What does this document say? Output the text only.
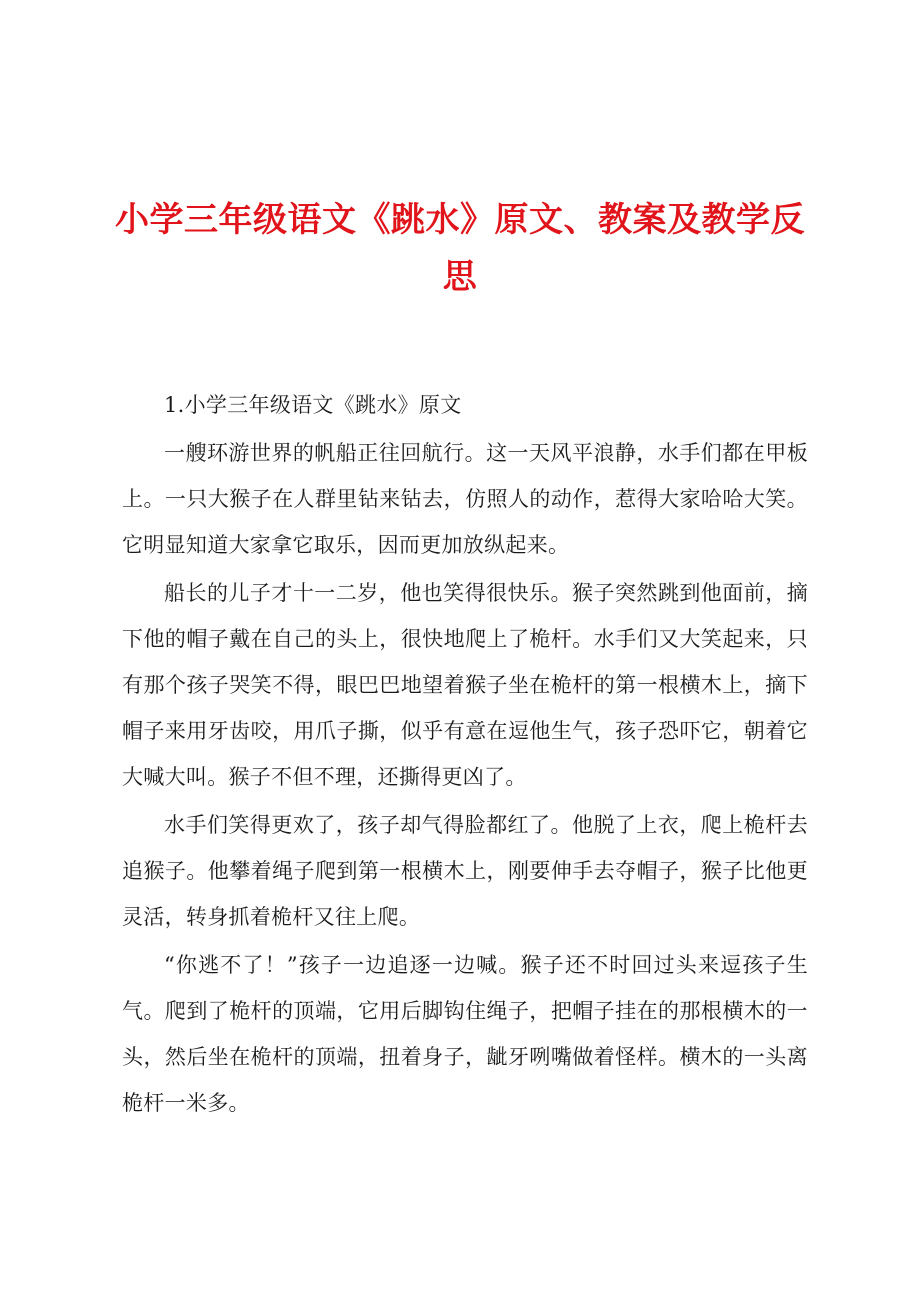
小学三年级语文《跳水》原文、教案及教学反思

1.小学三年级语文《跳水》原文

一艘环游世界的帆船正往回航行。这一天风平浪静，水手们都在甲板上。一只大猴子在人群里钻来钻去，仿照人的动作，惹得大家哈哈大笑。它明显知道大家拿它取乐，因而更加放纵起来。

船长的儿子才十一二岁，他也笑得很快乐。猴子突然跳到他面前，摘下他的帽子戴在自己的头上，很快地爬上了桅杆。水手们又大笑起来，只有那个孩子哭笑不得，眼巴巴地望着猴子坐在桅杆的第一根横木上，摘下帽子来用牙齿咬，用爪子撕，似乎有意在逗他生气，孩子恐吓它，朝着它大喊大叫。猴子不但不理，还撕得更凶了。

水手们笑得更欢了，孩子却气得脸都红了。他脱了上衣，爬上桅杆去追猴子。他攀着绳子爬到第一根横木上，刚要伸手去夺帽子，猴子比他更灵活，转身抓着桅杆又往上爬。

“你逃不了！”孩子一边追逐一边喊。猴子还不时回过头来逗孩子生气。爬到了桅杆的顶端，它用后脚钩住绳子，把帽子挂在的那根横木的一头，然后坐在桅杆的顶端，扭着身子，龇牙咧嘴做着怪样。横木的一头离桅杆一米多。
